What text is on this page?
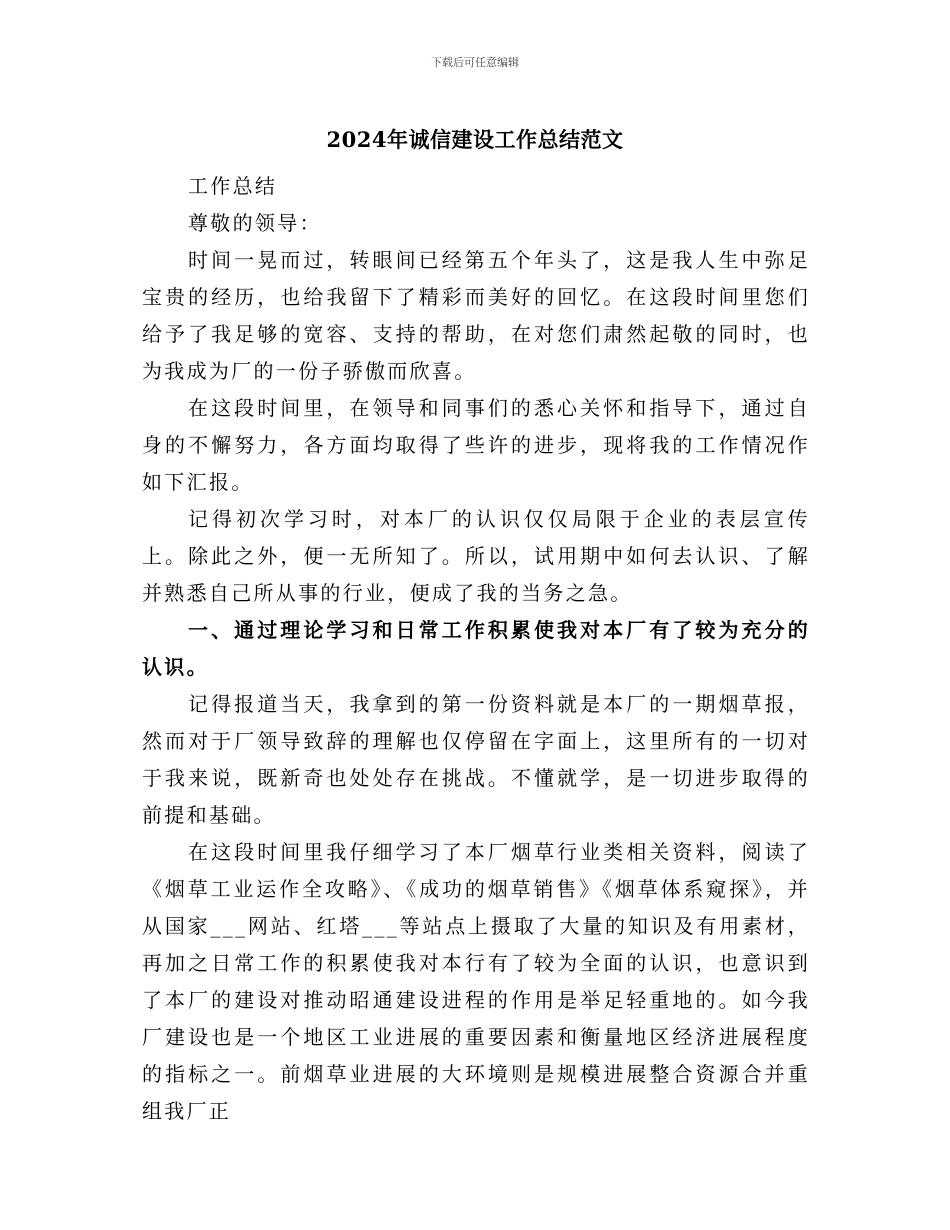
下载后可任意编辑
2024年诚信建设工作总结范文

工作总结

尊敬的领导：

时间一晃而过，转眼间已经第五个年头了，这是我人生中弥足宝贵的经历，也给我留下了精彩而美好的回忆。在这段时间里您们给予了我足够的宽容、支持的帮助，在对您们肃然起敬的同时，也为我成为厂的一份子骄傲而欣喜。

在这段时间里，在领导和同事们的悉心关怀和指导下，通过自身的不懈努力，各方面均取得了些许的进步，现将我的工作情况作如下汇报。

记得初次学习时，对本厂的认识仅仅局限于企业的表层宣传上。除此之外，便一无所知了。所以，试用期中如何去认识、了解并熟悉自己所从事的行业，便成了我的当务之急。

一、通过理论学习和日常工作积累使我对本厂有了较为充分的认识。

记得报道当天，我拿到的第一份资料就是本厂的一期烟草报，然而对于厂领导致辞的理解也仅停留在字面上，这里所有的一切对于我来说，既新奇也处处存在挑战。不懂就学，是一切进步取得的前提和基础。

在这段时间里我仔细学习了本厂烟草行业类相关资料，阅读了《烟草工业运作全攻略》、《成功的烟草销售》《烟草体系窥探》，并从国家___网站、红塔___等站点上摄取了大量的知识及有用素材，再加之日常工作的积累使我对本行有了较为全面的认识，也意识到了本厂的建设对推动昭通建设进程的作用是举足轻重地的。如今我厂建设也是一个地区工业进展的重要因素和衡量地区经济进展程度的指标之一。前烟草业进展的大环境则是规模进展整合资源合并重组我厂正
